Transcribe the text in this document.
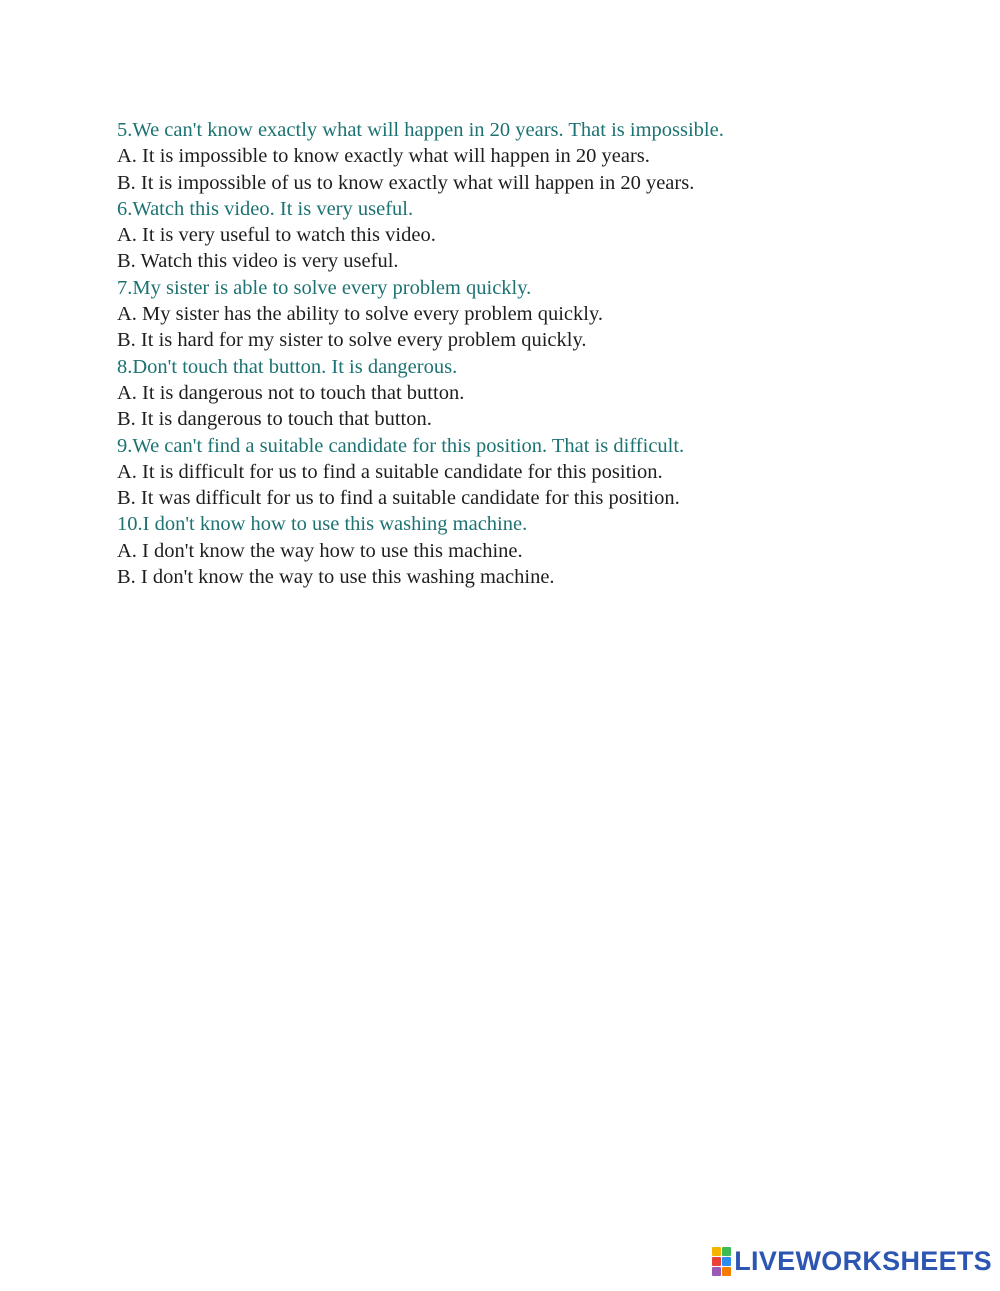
5.We can't know exactly what will happen in 20 years. That is impossible.

A. It is impossible to know exactly what will happen in 20 years.

B. It is impossible of us to know exactly what will happen in 20 years.

6.Watch this video. It is very useful.

A. It is very useful to watch this video.

B. Watch this video is very useful.

7.My sister is able to solve every problem quickly.

A. My sister has the ability to solve every problem quickly.

B. It is hard for my sister to solve every problem quickly.

8.Don't touch that button. It is dangerous.

A. It is dangerous not to touch that button.

B. It is dangerous to touch that button.

9.We can't find a suitable candidate for this position. That is difficult.

A. It is difficult for us to find a suitable candidate for this position.

B. It was difficult for us to find a suitable candidate for this position.

10.I don't know how to use this washing machine.

A. I don't know the way how to use this machine.

B. I don't know the way to use this washing machine.

LIVEWORKSHEETS
